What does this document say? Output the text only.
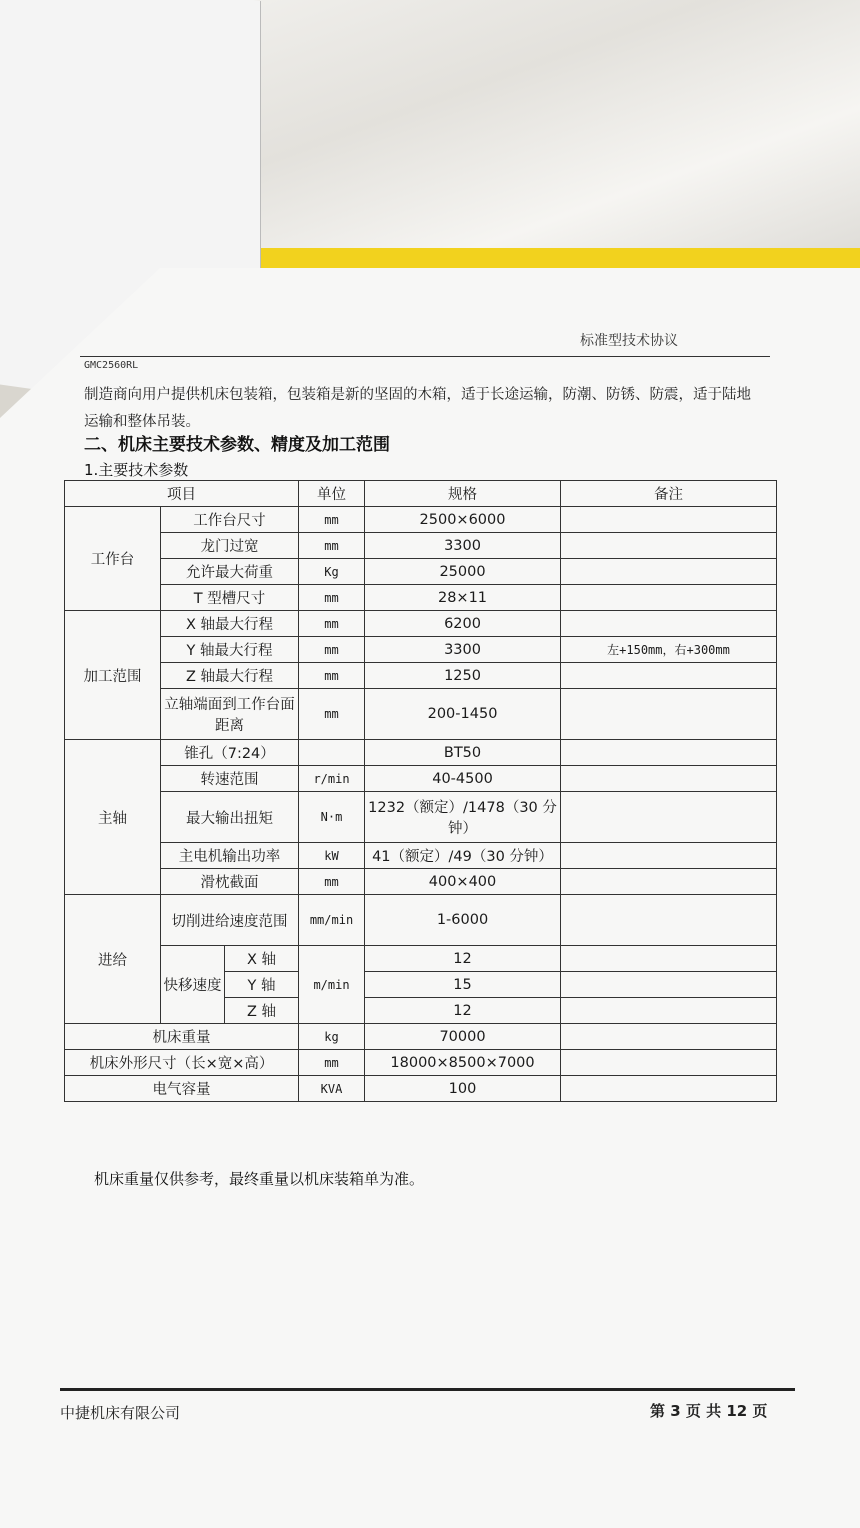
标准型技术协议
GMC2560RL
制造商向用户提供机床包装箱，包装箱是新的坚固的木箱，适于长途运输，防潮、防锈、防震，适于陆地运输和整体吊装。
二、机床主要技术参数、精度及加工范围
1.主要技术参数
项目			单位	规格	备注
工作台	工作台尺寸		mm	2500×6000	
	龙门过宽		mm	3300	
	允许最大荷重		Kg	25000	
	T 型槽尺寸		mm	28×11	
加工范围	X 轴最大行程		mm	6200	
	Y 轴最大行程		mm	3300	左+150mm，右+300mm
	Z 轴最大行程		mm	1250	
	立轴端面到工作台面距离		mm	200-1450	
主轴	锥孔（7:24）			BT50	
	转速范围		r/min	40-4500	
	最大输出扭矩		N·m	1232（额定）/1478（30 分钟）	
	主电机输出功率		kW	41（额定）/49（30 分钟）	
	滑枕截面		mm	400×400	
进给	切削进给速度范围		mm/min	1-6000	
	快移速度	X 轴	m/min	12	
		Y 轴		15	
		Z 轴		12	
机床重量			kg	70000	
机床外形尺寸（长×宽×高）			mm	18000×8500×7000	
电气容量			KVA	100	
机床重量仅供参考，最终重量以机床装箱单为准。
中捷机床有限公司	第 3 页 共 12 页
